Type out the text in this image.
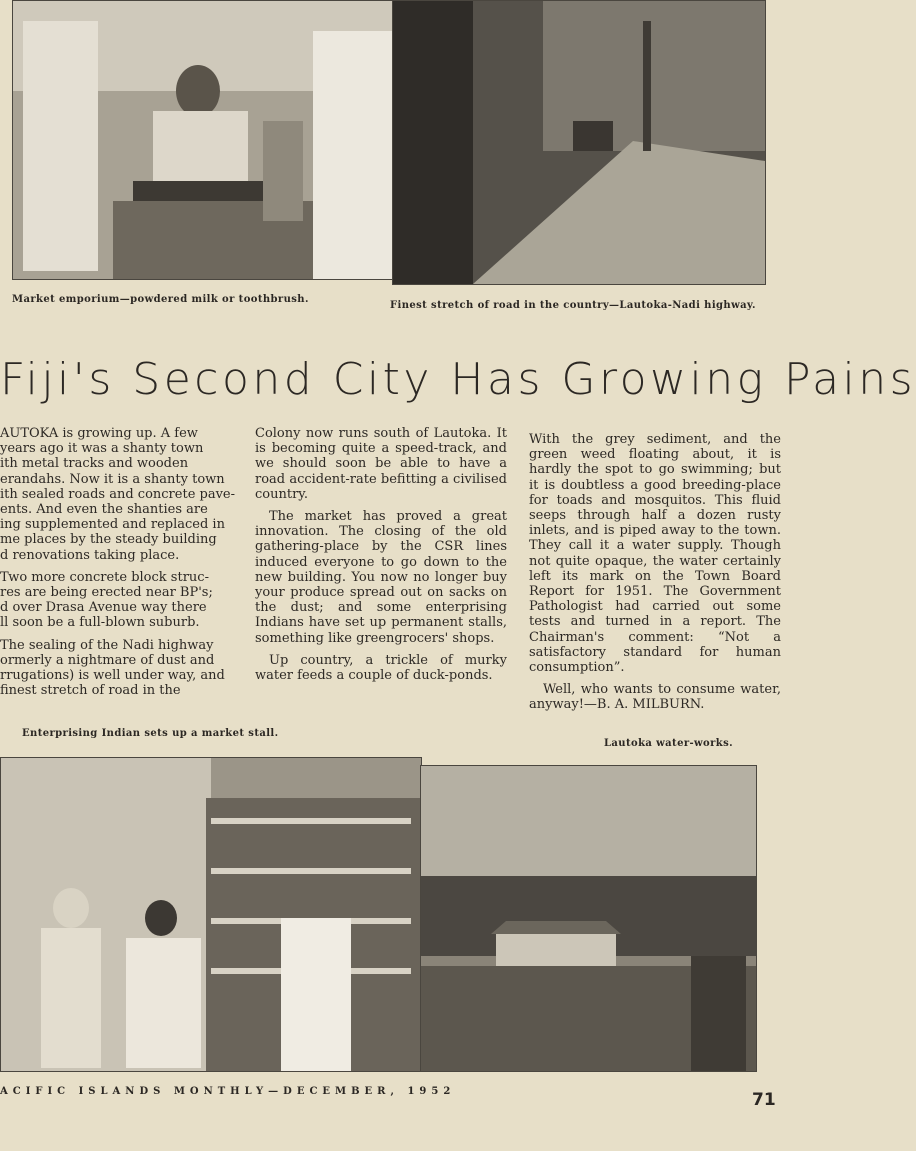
Market emporium—powdered milk or toothbrush.
Finest stretch of road in the country—Lautoka-Nadi highway.
Fiji's Second City Has Growing Pains
AUTOKA is growing up. A few
years ago it was a shanty town
ith metal tracks and wooden
erandahs. Now it is a shanty town
ith sealed roads and concrete pave-
ents. And even the shanties are
ing supplemented and replaced in
me places by the steady building
d renovations taking place.
Two more concrete block struc-
res are being erected near BP's;
d over Drasa Avenue way there
ll soon be a full-blown suburb.
The sealing of the Nadi highway
ormerly a nightmare of dust and
rrugations) is well under way, and
finest stretch of road in the

Colony now runs south of Lautoka. It is becoming quite a speed-track, and we should soon be able to have a road accident-rate befitting a civilised country.

The market has proved a great innovation. The closing of the old gathering-place by the CSR lines induced everyone to go down to the new building. You now no longer buy your produce spread out on sacks on the dust; and some enterprising Indians have set up permanent stalls, something like greengrocers' shops.

Up country, a trickle of murky water feeds a couple of duck-ponds.

With the grey sediment, and the green weed floating about, it is hardly the spot to go swimming; but it is doubtless a good breeding-place for toads and mosquitos. This fluid seeps through half a dozen rusty inlets, and is piped away to the town. They call it a water supply. Though not quite opaque, the water certainly left its mark on the Town Board Report for 1951. The Government Pathologist had carried out some tests and turned in a report. The Chairman's comment: “Not a satisfactory standard for human consumption”.

Well, who wants to consume water, anyway!—B. A. MILBURN.

Enterprising Indian sets up a market stall.
Lautoka water-works.
ACIFIC ISLANDS MONTHLY—DECEMBER, 1952	71
